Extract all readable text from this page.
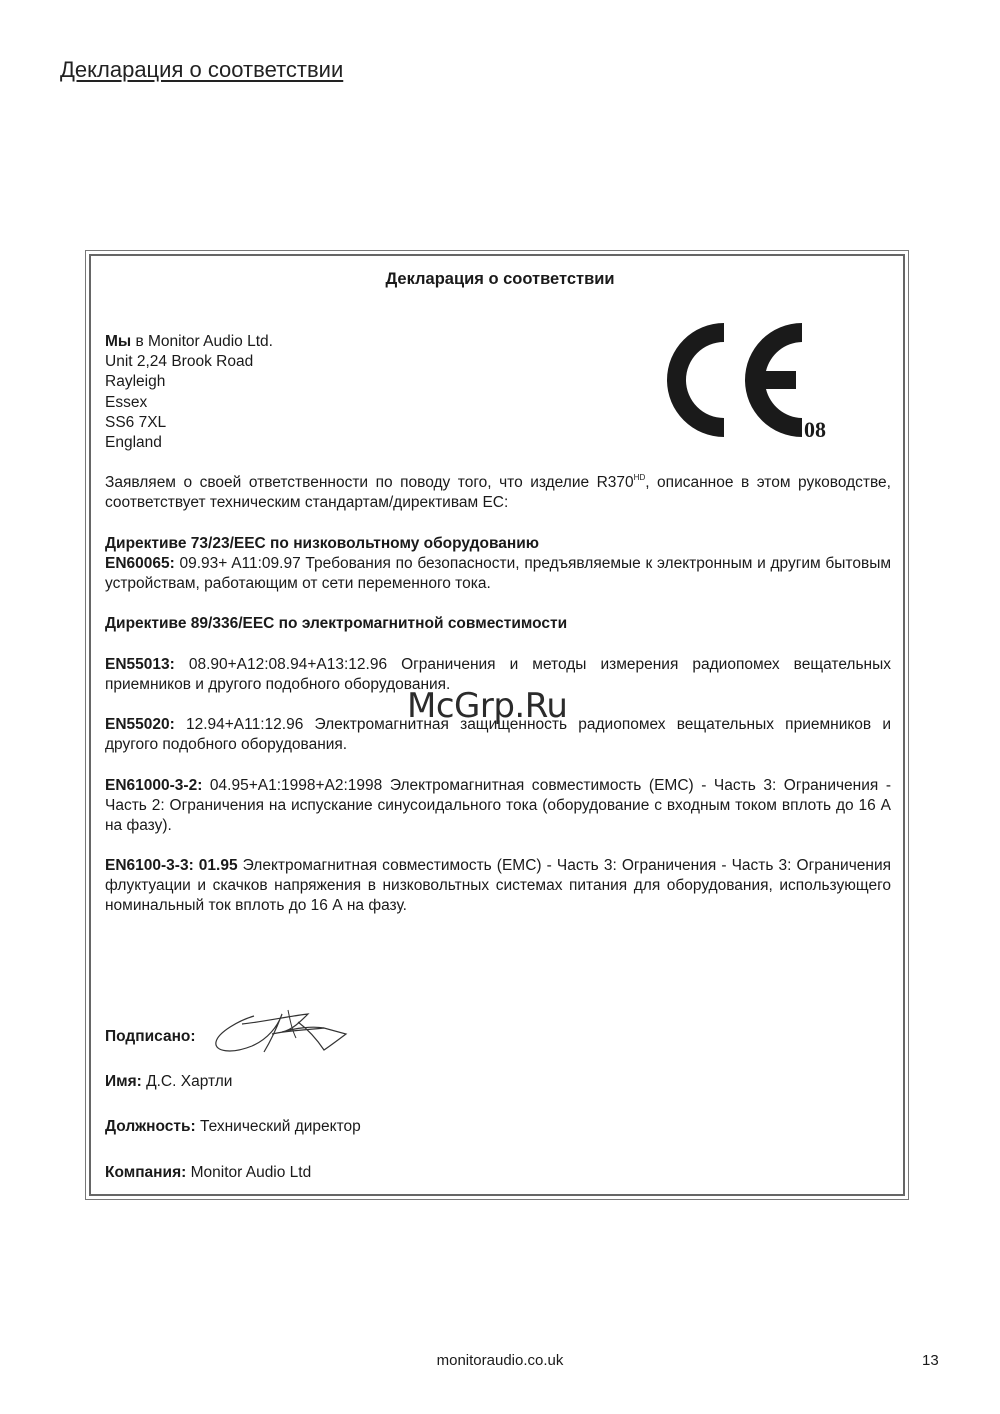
Декларация о соответствии
Декларация о соответствии
Мы в Monitor Audio Ltd.
Unit 2,24 Brook Road
Rayleigh
Essex
SS6 7XL
England
08
Заявляем о своей ответственности по поводу того, что изделие $R370^{HD}$, описанное в этом руководстве, соответствует техническим стандартам/директивам ЕС:
Директиве 73/23/EEC по низковольтному оборудованию
EN60065: 09.93+ A11:09.97 Требования по безопасности, предъявляемые к электронным и другим бытовым устройствам, работающим от сети переменного тока.
Директиве 89/336/EEC по электромагнитной совместимости
EN55013: 08.90+A12:08.94+A13:12.96 Ограничения и методы измерения радиопомех вещательных приемников и другого подобного оборудования.
EN55020: 12.94+A11:12.96 Электромагнитная защищенность радиопомех вещательных приемников и другого подобного оборудования.
EN61000-3-2: 04.95+A1:1998+A2:1998 Электромагнитная совместимость (EMC) - Часть 3: Ограничения - Часть 2: Ограничения на испускание синусоидального тока (оборудование с входным током вплоть до 16 А на фазу).
EN6100-3-3: 01.95 Электромагнитная совместимость (EMC) - Часть 3: Ограничения - Часть 3: Ограничения флуктуации и скачков напряжения в низковольтных системах питания для оборудования, использующего номинальный ток вплоть до 16 А на фазу.
McGrp.Ru
Подписано:
Имя: Д.С. Хартли
Должность: Технический директор
Компания: Monitor Audio Ltd
monitoraudio.co.uk	13
